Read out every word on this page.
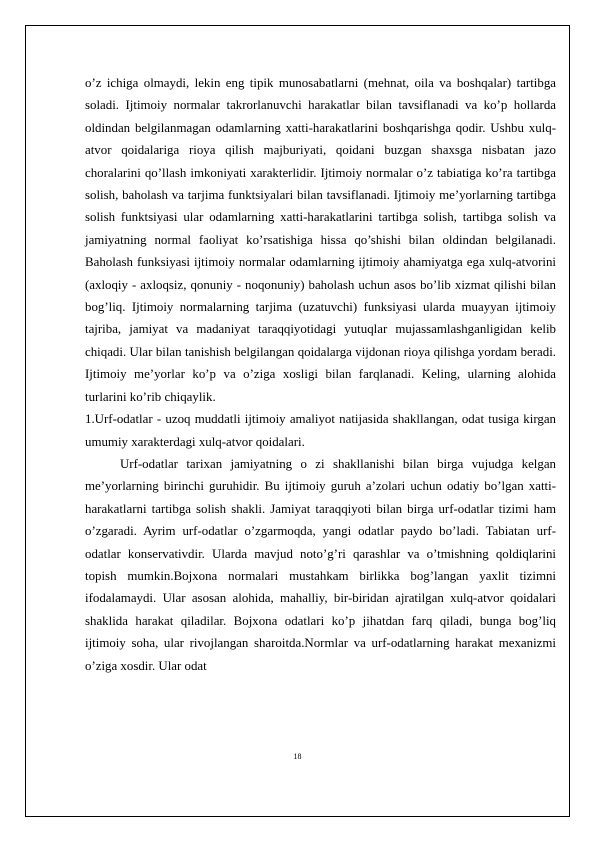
o’z ichiga olmaydi, lekin eng tipik munosabatlarni (mehnat, oila va boshqalar) tartibga soladi. Ijtimoiy normalar takrorlanuvchi harakatlar bilan tavsiflanadi va ko’p hollarda oldindan belgilanmagan odamlarning xatti-harakatlarini boshqarishga qodir. Ushbu xulq-atvor qoidalariga rioya qilish majburiyati, qoidani buzgan shaxsga nisbatan jazo choralarini qo’llash imkoniyati xarakterlidir. Ijtimoiy normalar o’z tabiatiga ko’ra tartibga solish, baholash va tarjima funktsiyalari bilan tavsiflanadi. Ijtimoiy me’yorlarning tartibga solish funktsiyasi ular odamlarning xatti-harakatlarini tartibga solish, tartibga solish va jamiyatning normal faoliyat ko’rsatishiga hissa qo’shishi bilan oldindan belgilanadi. Baholash funksiyasi ijtimoiy normalar odamlarning ijtimoiy ahamiyatga ega xulq-atvorini (axloqiy - axloqsiz, qonuniy - noqonuniy) baholash uchun asos bo’lib xizmat qilishi bilan bog’liq. Ijtimoiy normalarning tarjima (uzatuvchi) funksiyasi ularda muayyan ijtimoiy tajriba, jamiyat va madaniyat taraqqiyotidagi yutuqlar mujassamlashganligidan kelib chiqadi. Ular bilan tanishish belgilangan qoidalarga vijdonan rioya qilishga yordam beradi. Ijtimoiy me’yorlar ko’p va o’ziga xosligi bilan farqlanadi. Keling, ularning alohida turlarini ko’rib chiqaylik.

1.Urf-odatlar - uzoq muddatli ijtimoiy amaliyot natijasida shakllangan, odat tusiga kirgan umumiy xarakterdagi xulq-atvor qoidalari.

Urf-odatlar tarixan jamiyatning o zi shakllanishi bilan birga vujudga kelgan me’yorlarning birinchi guruhidir. Bu ijtimoiy guruh a’zolari uchun odatiy bo’lgan xatti-harakatlarni tartibga solish shakli. Jamiyat taraqqiyoti bilan birga urf-odatlar tizimi ham o’zgaradi. Ayrim urf-odatlar o’zgarmoqda, yangi odatlar paydo bo’ladi. Tabiatan urf-odatlar konservativdir. Ularda mavjud noto’g’ri qarashlar va o’tmishning qoldiqlarini topish mumkin.Bojxona normalari mustahkam birlikka bog’langan yaxlit tizimni ifodalamaydi. Ular asosan alohida, mahalliy, bir-biridan ajratilgan xulq-atvor qoidalari shaklida harakat qiladilar. Bojxona odatlari ko’p jihatdan farq qiladi, bunga bog’liq ijtimoiy soha, ular rivojlangan sharoitda.Normlar va urf-odatlarning harakat mexanizmi o’ziga xosdir. Ular odat

18
